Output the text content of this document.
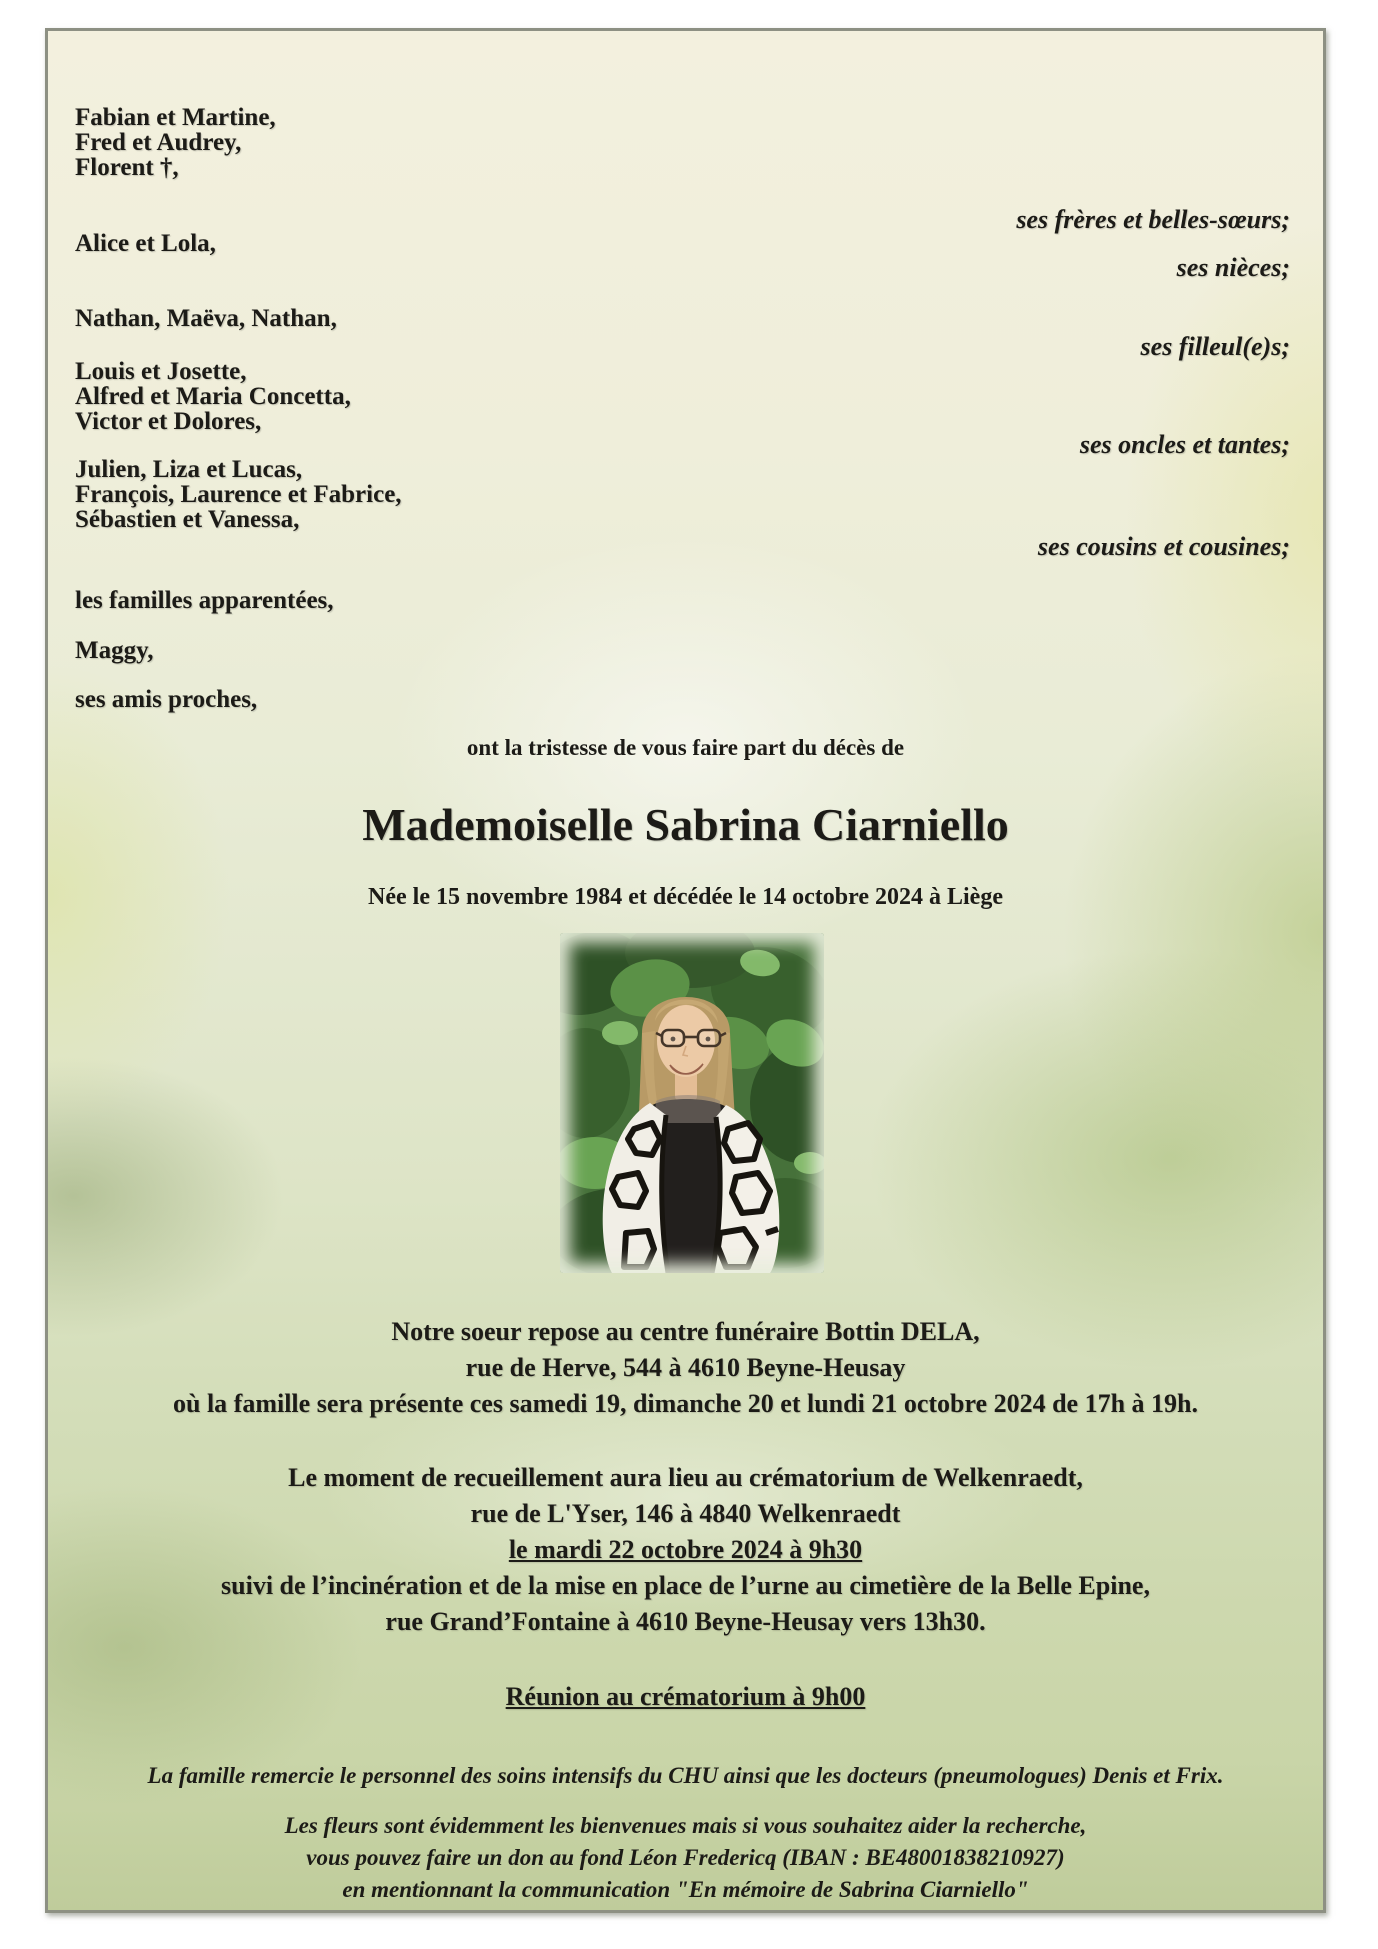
Fabian et Martine,
Fred et Audrey,
Florent †,
ses frères et belles-sœurs;
Alice et Lola,
ses nièces;
Nathan, Maëva, Nathan,
ses filleul(e)s;
Louis et Josette,
Alfred et Maria Concetta,
Victor et Dolores,
ses oncles et tantes;
Julien, Liza et Lucas,
François, Laurence et Fabrice,
Sébastien et Vanessa,
ses cousins et cousines;
les familles apparentées,
Maggy,
ses amis proches,
ont la tristesse de vous faire part du décès de
Mademoiselle Sabrina Ciarniello
Née le 15 novembre 1984 et décédée le 14 octobre 2024 à Liège
Notre soeur repose au centre funéraire Bottin DELA,
rue de Herve, 544 à 4610 Beyne-Heusay
où la famille sera présente ces samedi 19, dimanche 20 et lundi 21 octobre 2024 de 17h à 19h.
Le moment de recueillement aura lieu au crématorium de Welkenraedt,
rue de L'Yser, 146 à 4840 Welkenraedt
le mardi 22 octobre 2024 à 9h30
suivi de l’incinération et de la mise en place de l’urne au cimetière de la Belle Epine,
rue Grand’Fontaine à 4610 Beyne-Heusay vers 13h30.
Réunion au crématorium à 9h00
La famille remercie le personnel des soins intensifs du CHU ainsi que les docteurs (pneumologues) Denis et Frix.
Les fleurs sont évidemment les bienvenues mais si vous souhaitez aider la recherche,
vous pouvez faire un don au fond Léon Fredericq (IBAN : BE48001838210927)
en mentionnant la communication "En mémoire de Sabrina Ciarniello"
